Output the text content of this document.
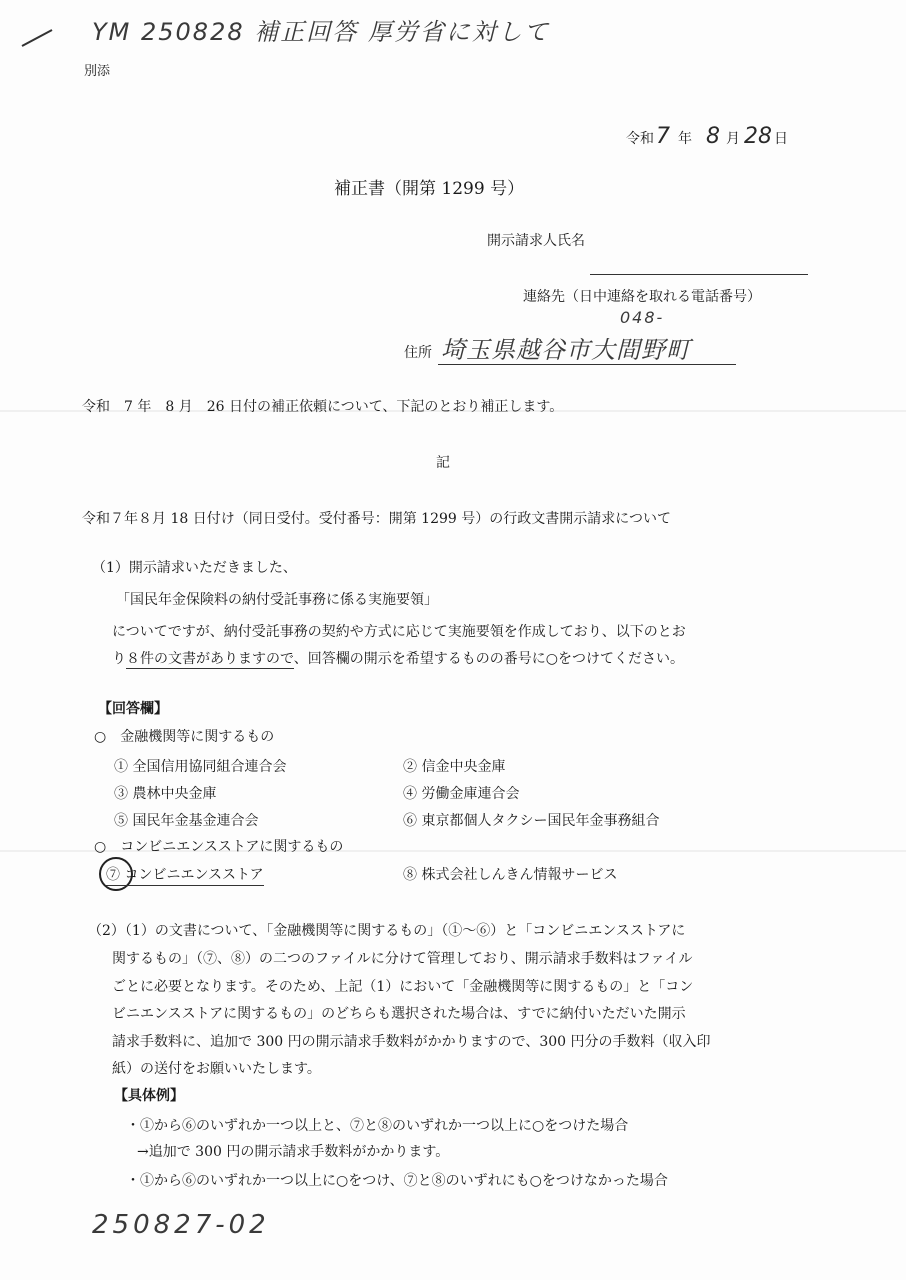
YM 250828 補正回答 厚労省に対して
別添
令和7 年 8 月 28 日
補正書（開第 1299 号）
開示請求人氏名
連絡先（日中連絡を取れる電話番号）
048-
住所 埼玉県越谷市大間野町
令和　7 年　8 月　26 日付の補正依頼について、下記のとおり補正します。
記
令和７年８月 18 日付け（同日受付。受付番号：開第 1299 号）の行政文書開示請求について
（1）開示請求いただきました、
「国民年金保険料の納付受託事務に係る実施要領」
についてですが、納付受託事務の契約や方式に応じて実施要領を作成しており、以下のとお
り８件の文書がありますので、回答欄の開示を希望するものの番号に○をつけてください。
【回答欄】
○　金融機関等に関するもの
① 全国信用協同組合連合会
③ 農林中央金庫
⑤ 国民年金基金連合会
② 信金中央金庫
④ 労働金庫連合会
⑥ 東京都個人タクシー国民年金事務組合
○　コンビニエンスストアに関するもの
⑦ コンビニエンスストア	⑧ 株式会社しんきん情報サービス
（2）（1）の文書について、「金融機関等に関するもの」（①～⑥）と「コンビニエンスストアに
関するもの」（⑦、⑧）の二つのファイルに分けて管理しており、開示請求手数料はファイル
ごとに必要となります。そのため、上記（1）において「金融機関等に関するもの」と「コン
ビニエンスストアに関するもの」のどちらも選択された場合は、すでに納付いただいた開示
請求手数料に、追加で 300 円の開示請求手数料がかかりますので、300 円分の手数料（収入印
紙）の送付をお願いいたします。
【具体例】
・①から⑥のいずれか一つ以上と、⑦と⑧のいずれか一つ以上に○をつけた場合
→追加で 300 円の開示請求手数料がかかります。
・①から⑥のいずれか一つ以上に○をつけ、⑦と⑧のいずれにも○をつけなかった場合
250827-02
